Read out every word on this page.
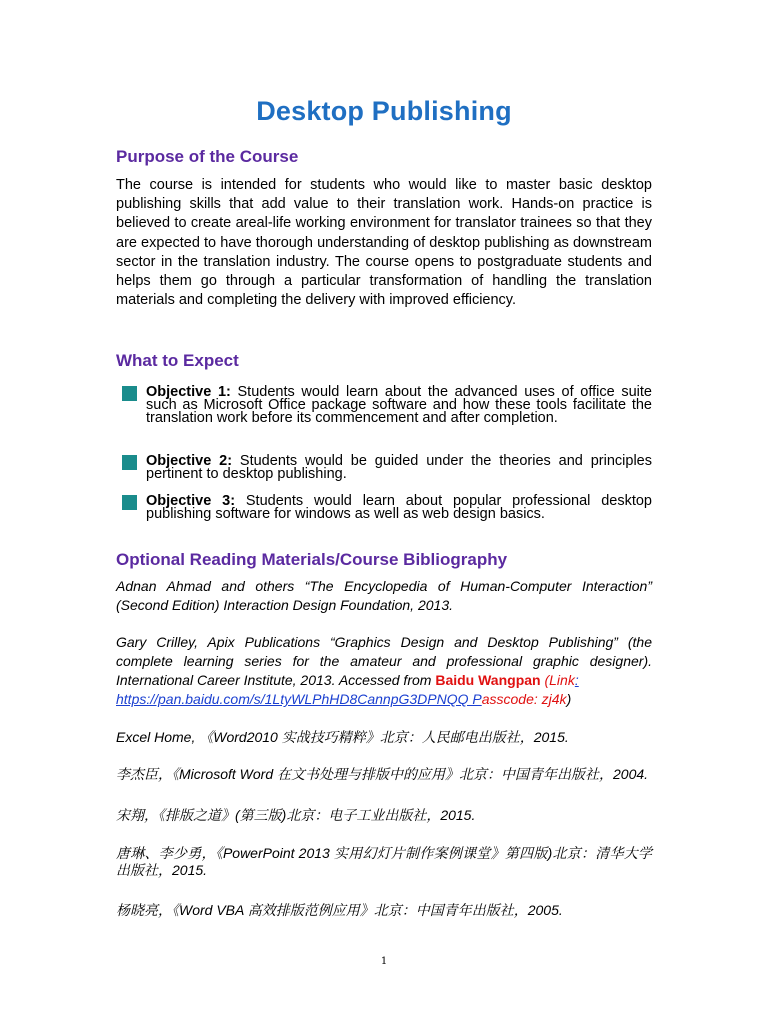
Desktop Publishing
Purpose of the Course

The course is intended for students who would like to master basic desktop publishing skills that add value to their translation work. Hands-on practice is believed to create areal-life working environment for translator trainees so that they are expected to have thorough understanding of desktop publishing as downstream sector in the translation industry. The course opens to postgraduate students and helps them go through a particular transformation of handling the translation materials and completing the delivery with improved efficiency.

What to Expect
Objective 1: Students would learn about the advanced uses of office suite such as Microsoft Office package software and how these tools facilitate the translation work before its commencement and after completion.
Objective 2: Students would be guided under the theories and principles pertinent to desktop publishing.
Objective 3: Students would learn about popular professional desktop publishing software for windows as well as web design basics.
Optional Reading Materials/Course Bibliography

Adnan Ahmad and others “The Encyclopedia of Human-Computer Interaction” (Second Edition) Interaction Design Foundation, 2013.

Gary Crilley, Apix Publications “Graphics Design and Desktop Publishing” (the complete learning series for the amateur and professional graphic designer). International Career Institute, 2013. Accessed from Baidu Wangpan (Link:
https://pan.baidu.com/s/1LtyWLPhHD8CannpG3DPNQQ Passcode: zj4k)

Excel Home, 《Word2010 实战技巧精粹》北京：人民邮电出版社，2015.

李杰臣，《Microsoft Word 在文书处理与排版中的应用》北京：中国青年出版社，2004.

宋翔，《排版之道》(第三版)北京：电子工业出版社，2015.

唐琳、李少勇，《PowerPoint 2013 实用幻灯片制作案例课堂》第四版)北京：清华大学出版社，2015.

杨晓亮，《Word VBA 高效排版范例应用》北京：中国青年出版社，2005.

1
